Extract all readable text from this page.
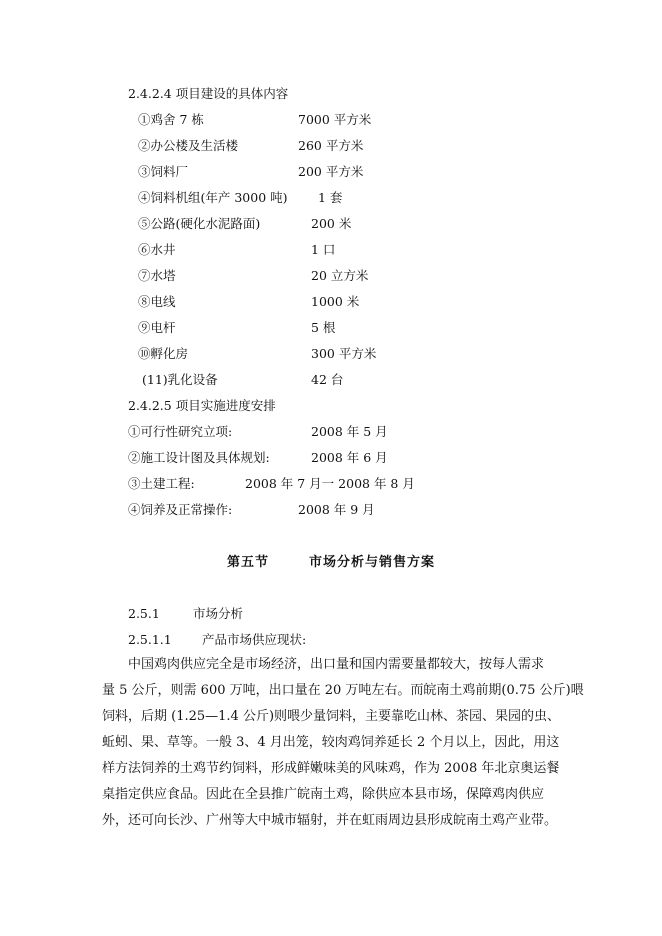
2.4.2.4 项目建设的具体内容
①鸡舍 7 栋	7000 平方米
②办公楼及生活楼	260 平方米
③饲料厂	200 平方米
④饲料机组(年产 3000 吨) 1 套
⑤公路(硬化水泥路面)	200 米
⑥水井	1 口
⑦水塔	20 立方米
⑧电线	1000 米
⑨电杆	5 根
⑩孵化房	300 平方米
(11)乳化设备	42 台
2.4.2.5 项目实施进度安排
①可行性研究立项:	2008 年 5 月
②施工设计图及具体规划:	2008 年 6 月
③土建工程:	2008 年 7 月一 2008 年 8 月
④饲养及正常操作:	2008 年 9 月
第五节	市场分析与销售方案
2.5.1	市场分析
2.5.1.1 产品市场供应现状:
中国鸡肉供应完全是市场经济，出口量和国内需要量都较大，按每人需求
量 5 公斤，则需 600 万吨，出口量在 20 万吨左右。而皖南土鸡前期(0.75 公斤)喂
饲料，后期 (1.25—1.4 公斤)则喂少量饲料，主要靠吃山林、茶园、果园的虫、
蚯蚓、果、草等。一般 3、4 月出笼，较肉鸡饲养延长 2 个月以上，因此，用这
样方法饲养的土鸡节约饲料，形成鲜嫩味美的风味鸡，作为 2008 年北京奥运餐
桌指定供应食品。因此在全县推广皖南土鸡，除供应本县市场，保障鸡肉供应
外，还可向长沙、广州等大中城市辐射，并在虹雨周边县形成皖南土鸡产业带。
